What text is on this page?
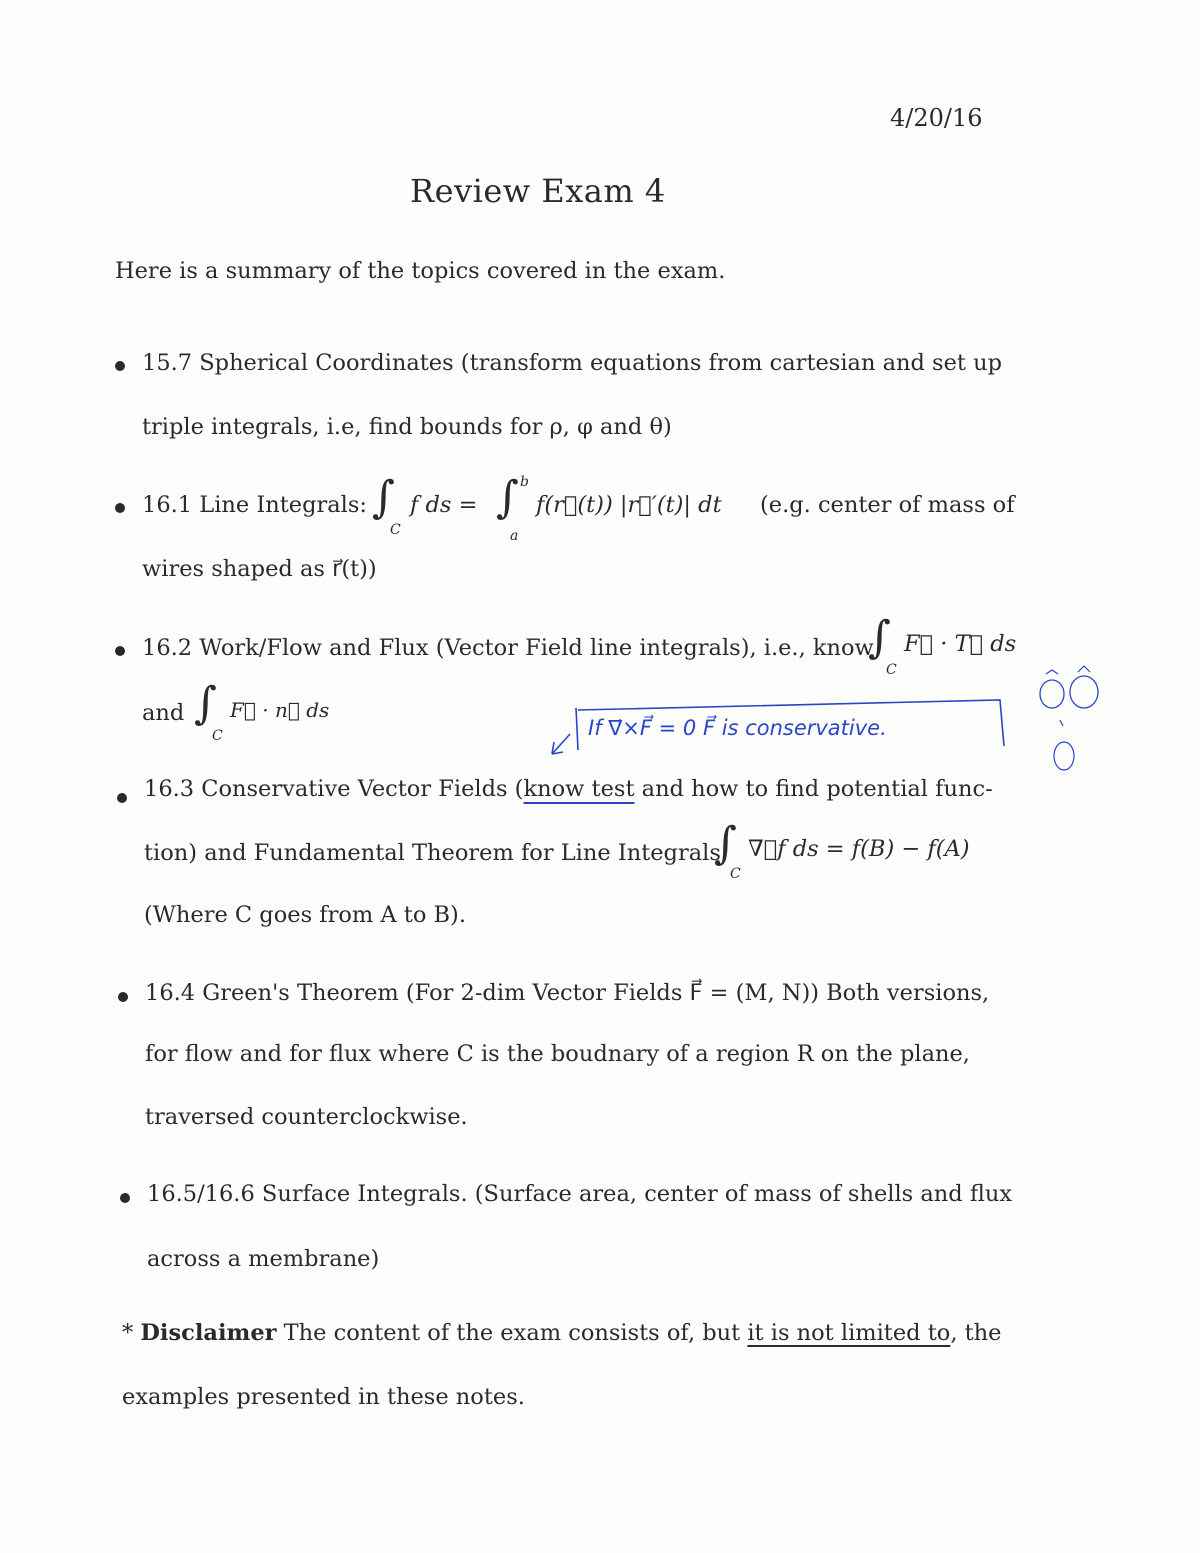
4/20/16
Review Exam 4
Here is a summary of the topics covered in the exam.
15.7 Spherical Coordinates (transform equations from cartesian and set up
triple integrals, i.e, find bounds for ρ, φ and θ)
16.1 Line Integrals: ∫
C
f ds = ∫ b
a
f(r⃗(t)) |r⃗′(t)| dt (e.g. center of mass of
wires shaped as r⃗(t))
16.2 Work/Flow and Flux (Vector Field line integrals), i.e., know
∫
C
F⃗ · T⃗ ds
and ∫
C
F⃗ · n⃗ ds
If ∇⃗×F⃗ = 0 F⃗ is conservative.
16.3 Conservative Vector Fields (know test and how to find potential func-
tion) and Fundamental Theorem for Line Integrals
∫
C
∇⃗f ds = f(B) − f(A)
(Where C goes from A to B).
16.4 Green's Theorem (For 2-dim Vector Fields F⃗ = (M, N)) Both versions,
for flow and for flux where C is the boudnary of a region R on the plane,
traversed counterclockwise.
16.5/16.6 Surface Integrals. (Surface area, center of mass of shells and flux
across a membrane)
* Disclaimer The content of the exam consists of, but it is not limited to, the
examples presented in these notes.
